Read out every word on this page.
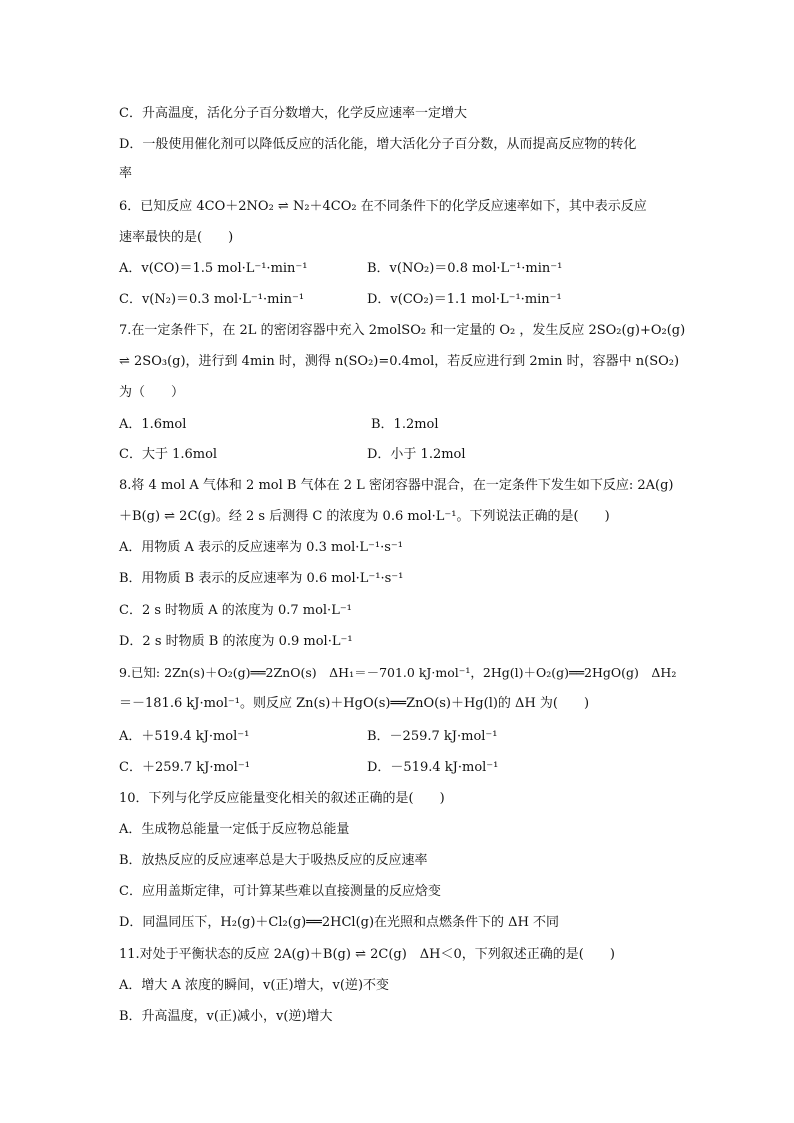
C．升高温度，活化分子百分数增大，化学反应速率一定增大
D．一般使用催化剂可以降低反应的活化能，增大活化分子百分数，从而提高反应物的转化
率
6．已知反应 4CO＋2NO₂ ⇌ N₂＋4CO₂ 在不同条件下的化学反应速率如下，其中表示反应
速率最快的是(　　)
A．v(CO)＝1.5 mol·L⁻¹·min⁻¹	B．v(NO₂)＝0.8 mol·L⁻¹·min⁻¹
C．v(N₂)＝0.3 mol·L⁻¹·min⁻¹	D．v(CO₂)＝1.1 mol·L⁻¹·min⁻¹
7.在一定条件下，在 2L 的密闭容器中充入 2molSO₂ 和一定量的 O₂ ，发生反应 2SO₂(g)+O₂(g)
⇌ 2SO₃(g)，进行到 4min 时，测得 n(SO₂)=0.4mol，若反应进行到 2min 时，容器中 n(SO₂)
为（　　）
A．1.6mol	B．1.2mol
C．大于 1.6mol	D．小于 1.2mol
8.将 4 mol A 气体和 2 mol B 气体在 2 L 密闭容器中混合，在一定条件下发生如下反应: 2A(g)
＋B(g) ⇌ 2C(g)。经 2 s 后测得 C 的浓度为 0.6 mol·L⁻¹。下列说法正确的是(　　)
A．用物质 A 表示的反应速率为 0.3 mol·L⁻¹·s⁻¹
B．用物质 B 表示的反应速率为 0.6 mol·L⁻¹·s⁻¹
C．2 s 时物质 A 的浓度为 0.7 mol·L⁻¹
D．2 s 时物质 B 的浓度为 0.9 mol·L⁻¹
9.已知: 2Zn(s)＋O₂(g)══2ZnO(s)　ΔH₁＝－701.0 kJ·mol⁻¹，2Hg(l)＋O₂(g)══2HgO(g)　ΔH₂
＝－181.6 kJ·mol⁻¹。则反应 Zn(s)＋HgO(s)══ZnO(s)＋Hg(l)的 ΔH 为(　　)
A．＋519.4 kJ·mol⁻¹	B．－259.7 kJ·mol⁻¹
C．＋259.7 kJ·mol⁻¹	D．－519.4 kJ·mol⁻¹
10．下列与化学反应能量变化相关的叙述正确的是(　　)
A．生成物总能量一定低于反应物总能量
B．放热反应的反应速率总是大于吸热反应的反应速率
C．应用盖斯定律，可计算某些难以直接测量的反应焓变
D．同温同压下，H₂(g)＋Cl₂(g)══2HCl(g)在光照和点燃条件下的 ΔH 不同
11.对处于平衡状态的反应 2A(g)＋B(g) ⇌ 2C(g)　ΔH＜0，下列叙述正确的是(　　)
A．增大 A 浓度的瞬间，v(正)增大，v(逆)不变
B．升高温度，v(正)减小，v(逆)增大
